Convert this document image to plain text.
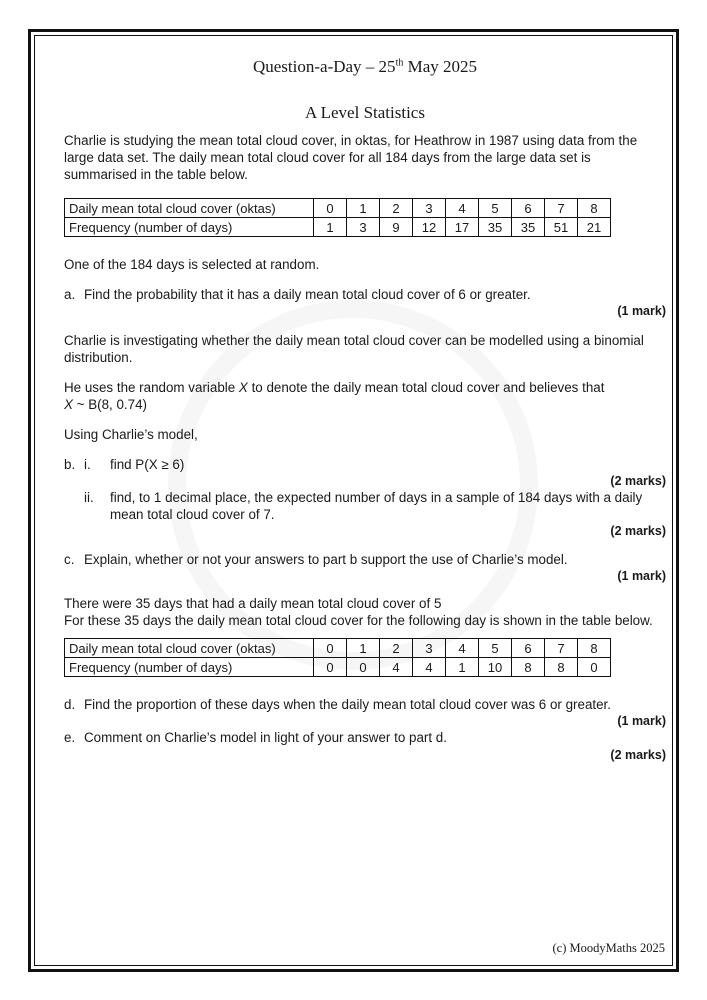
Question-a-Day – 25th May 2025
A Level Statistics

Charlie is studying the mean total cloud cover, in oktas, for Heathrow in 1987 using data from the large data set. The daily mean total cloud cover for all 184 days from the large data set is summarised in the table below.

Daily mean total cloud cover (oktas)	0	1	2	3	4	5	6	7	8
Frequency (number of days)	1	3	9	12	17	35	35	51	21

One of the 184 days is selected at random.

a. Find the probability that it has a daily mean total cloud cover of 6 or greater.
(1 mark)

Charlie is investigating whether the daily mean total cloud cover can be modelled using a binomial distribution.

He uses the random variable X to denote the daily mean total cloud cover and believes that
X ~ B(8, 0.74)

Using Charlie’s model,

b. i.	find P(X ≥ 6)
(2 marks)
ii.	find, to 1 decimal place, the expected number of days in a sample of 184 days with a daily mean total cloud cover of 7.
(2 marks)
c. Explain, whether or not your answers to part b support the use of Charlie’s model.
(1 mark)

There were 35 days that had a daily mean total cloud cover of 5

For these 35 days the daily mean total cloud cover for the following day is shown in the table below.

Daily mean total cloud cover (oktas)	0	1	2	3	4	5	6	7	8
Frequency (number of days)	0	0	4	4	1	10	8	8	0
d. Find the proportion of these days when the daily mean total cloud cover was 6 or greater.
(1 mark)
e. Comment on Charlie’s model in light of your answer to part d.
(2 marks)
(c) MoodyMaths 2025
